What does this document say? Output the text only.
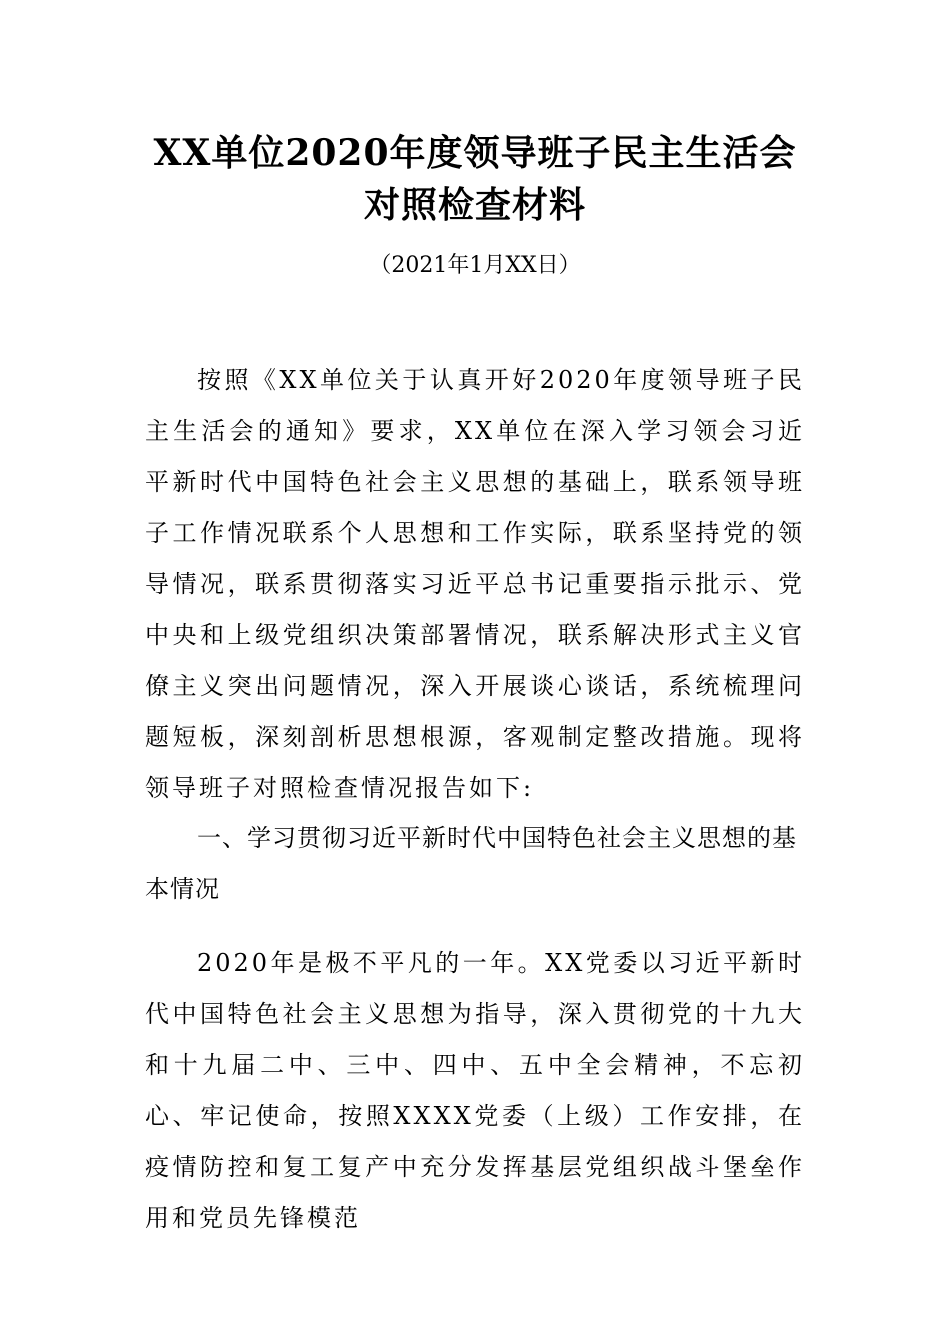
XX单位2020年度领导班子民主生活会
对照检查材料
（2021年1月XX日）
按照《XX单位关于认真开好2020年度领导班子民主生活会的通知》要求，XX单位在深入学习领会习近平新时代中国特色社会主义思想的基础上，联系领导班子工作情况联系个人思想和工作实际，联系坚持党的领导情况，联系贯彻落实习近平总书记重要指示批示、党中央和上级党组织决策部署情况，联系解决形式主义官僚主义突出问题情况，深入开展谈心谈话，系统梳理问题短板，深刻剖析思想根源，客观制定整改措施。现将领导班子对照检查情况报告如下:
一、学习贯彻习近平新时代中国特色社会主义思想的基本情况
2020年是极不平凡的一年。XX党委以习近平新时代中国特色社会主义思想为指导，深入贯彻党的十九大和十九届二中、三中、四中、五中全会精神，不忘初心、牢记使命，按照XXXX党委（上级）工作安排，在疫情防控和复工复产中充分发挥基层党组织战斗堡垒作用和党员先锋模范
